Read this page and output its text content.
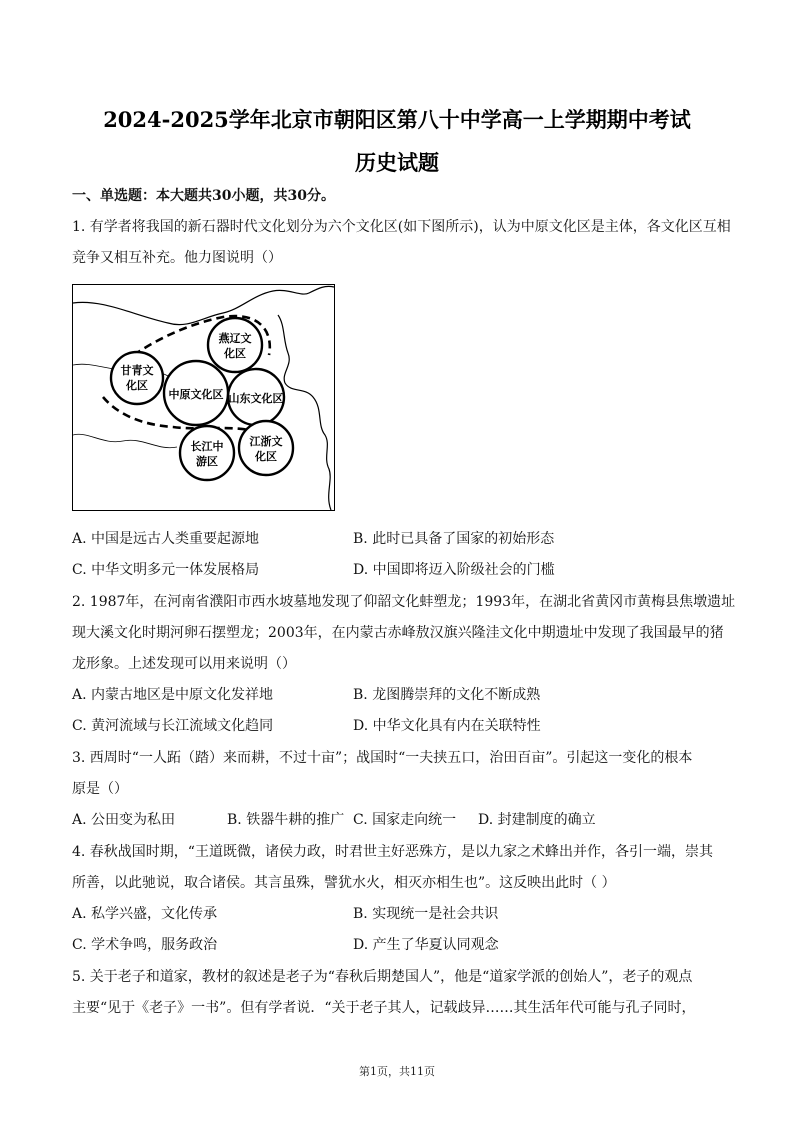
2024-2025学年北京市朝阳区第八十中学高一上学期期中考试
历史试题
一、单选题：本大题共30小题，共30分。
1. 有学者将我国的新石器时代文化划分为六个文化区(如下图所示)，认为中原文化区是主体，各文化区互相
竞争又相互补充。他力图说明（）
甘青文
化区
燕辽文
化区
中原文化区 山东文化区
长江中
游区
江浙文
化区
A. 中国是远古人类重要起源地	B. 此时已具备了国家的初始形态
C. 中华文明多元一体发展格局	D. 中国即将迈入阶级社会的门槛
2. 1987年，在河南省濮阳市西水坡墓地发现了仰韶文化蚌塑龙；1993年，在湖北省黄冈市黄梅县焦墩遗址
现大溪文化时期河卵石摆塑龙；2003年，在内蒙古赤峰敖汉旗兴隆洼文化中期遗址中发现了我国最早的猪
龙形象。上述发现可以用来说明（）
A. 内蒙古地区是中原文化发祥地	B. 龙图腾崇拜的文化不断成熟
C. 黄河流域与长江流域文化趋同	D. 中华文化具有内在关联特性
3. 西周时“一人跖（踏）来而耕，不过十亩”；战国时“一夫挟五口，治田百亩”。引起这一变化的根本
原是（）
A. 公田变为私田	B. 铁器牛耕的推广 C. 国家走向统一 D. 封建制度的确立
4. 春秋战国时期，“王道既微，诸侯力政，时君世主好恶殊方，是以九家之术蜂出并作，各引一端，崇其
所善，以此驰说，取合诸侯。其言虽殊，譬犹水火，相灭亦相生也”。这反映出此时（ ）
A. 私学兴盛，文化传承	B. 实现统一是社会共识
C. 学术争鸣，服务政治	D. 产生了华夏认同观念
5. 关于老子和道家，教材的叙述是老子为“春秋后期楚国人”，他是“道家学派的创始人”，老子的观点
主要“见于《老子》一书”。但有学者说．“关于老子其人，记载歧异……其生活年代可能与孔子同时，
第1页，共11页
